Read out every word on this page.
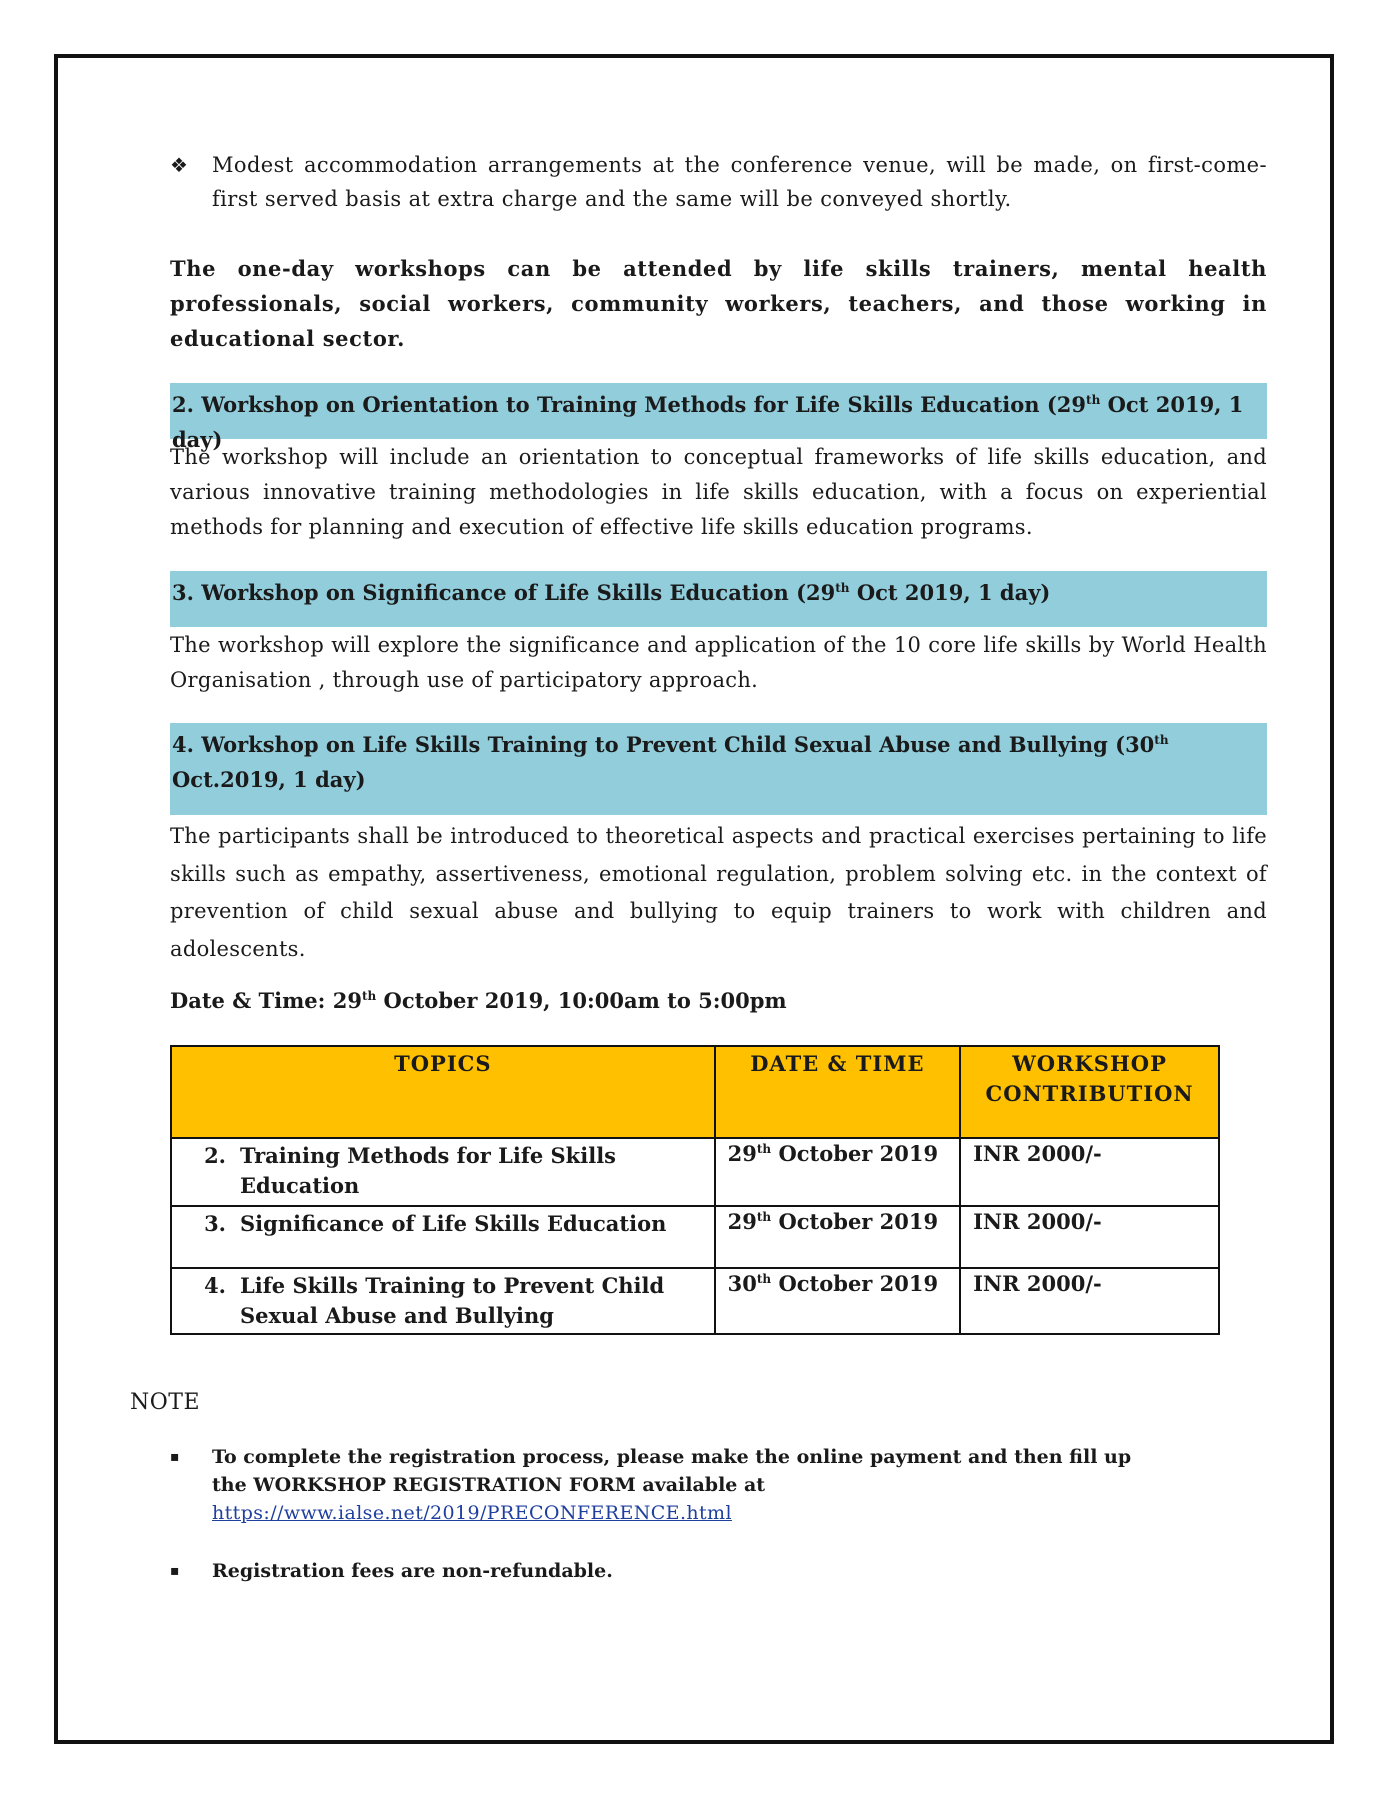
❖	Modest accommodation arrangements at the conference venue, will be made, on first-come-first served basis at extra charge and the same will be conveyed shortly.
The one-day workshops can be attended by life skills trainers, mental health professionals, social workers, community workers, teachers, and those working in educational sector.
2. Workshop on Orientation to Training Methods for Life Skills Education (29th Oct 2019, 1 day)
The workshop will include an orientation to conceptual frameworks of life skills education, and various innovative training methodologies in life skills education, with a focus on experiential methods for planning and execution of effective life skills education programs.
3. Workshop on Significance of Life Skills Education (29th Oct 2019, 1 day)
The workshop will explore the significance and application of the 10 core life skills by World Health Organisation , through use of participatory approach.
4. Workshop on Life Skills Training to Prevent Child Sexual Abuse and Bullying (30th Oct.2019, 1 day)
The participants shall be introduced to theoretical aspects and practical exercises pertaining to life skills such as empathy, assertiveness, emotional regulation, problem solving etc. in the context of prevention of child sexual abuse and bullying to equip trainers to work with children and adolescents.
Date & Time: 29th October 2019, 10:00am to 5:00pm
TOPICS	DATE & TIME	WORKSHOP CONTRIBUTION

2. Training Methods for Life Skills Education	29th October 2019	INR 2000/-

3. Significance of Life Skills Education	29th October 2019	INR 2000/-

4. Life Skills Training to Prevent Child Sexual Abuse and Bullying	30th October 2019	INR 2000/-
NOTE
▪ To complete the registration process, please make the online payment and then fill up the WORKSHOP REGISTRATION FORM available at
https://www.ialse.net/2019/PRECONFERENCE.html
▪ Registration fees are non-refundable.
